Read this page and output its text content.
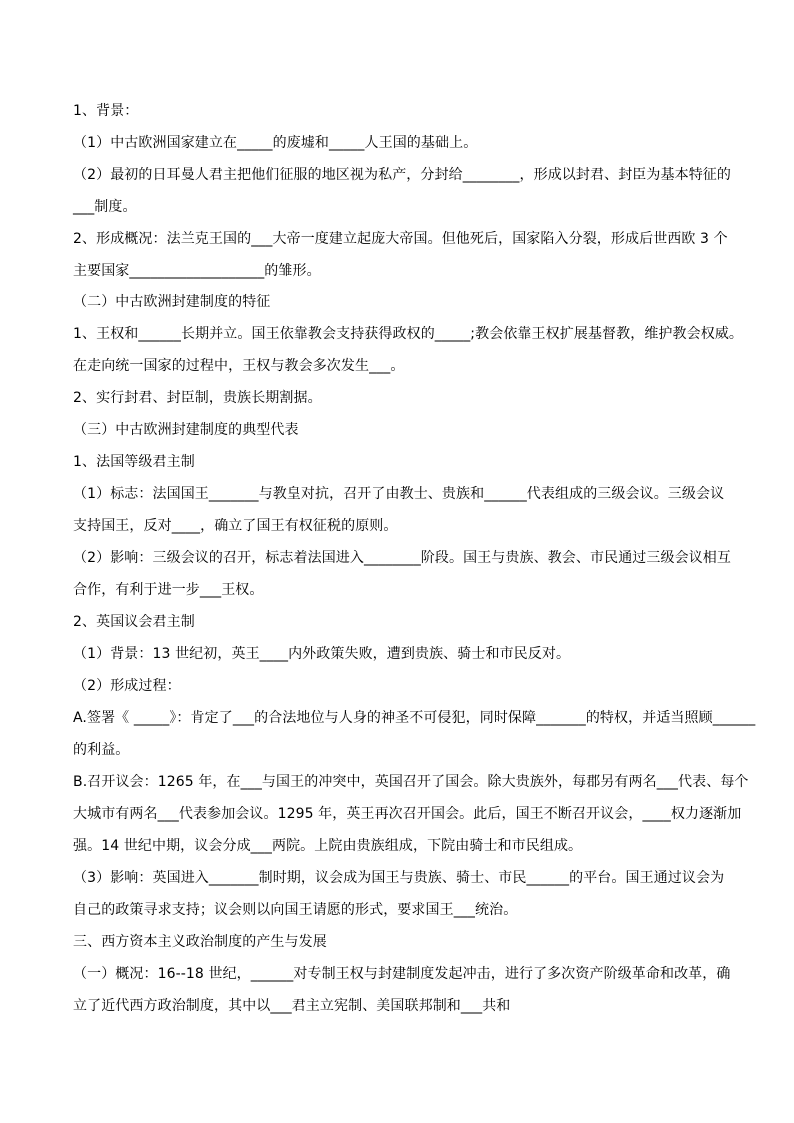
1、背景：
（1）中古欧洲国家建立在_____的废墟和_____人王国的基础上。
（2）最初的日耳曼人君主把他们征服的地区视为私产，分封给________，形成以封君、封臣为基本特征的
___制度。
2、形成概况：法兰克王国的___大帝一度建立起庞大帝国。但他死后，国家陷入分裂，形成后世西欧 3 个
主要国家___________________的雏形。
（二）中古欧洲封建制度的特征
1、王权和______长期并立。国王依靠教会支持获得政权的_____;教会依靠王权扩展基督教，维护教会权威。
在走向统一国家的过程中，王权与教会多次发生___。
2、实行封君、封臣制，贵族长期割据。
（三）中古欧洲封建制度的典型代表
1、法国等级君主制
（1）标志：法国国王_______与教皇对抗，召开了由教士、贵族和______代表组成的三级会议。三级会议
支持国王，反对____，确立了国王有权征税的原则。
（2）影响：三级会议的召开，标志着法国进入________阶段。国王与贵族、教会、市民通过三级会议相互
合作，有利于进一步___王权。
2、英国议会君主制
（1）背景：13 世纪初，英王____内外政策失败，遭到贵族、骑士和市民反对。
（2）形成过程：
A.签署《 _____》：肯定了___的合法地位与人身的神圣不可侵犯，同时保障_______的特权，并适当照顾______
的利益。
B.召开议会：1265 年，在___与国王的冲突中，英国召开了国会。除大贵族外，每郡另有两名___代表、每个
大城市有两名___代表参加会议。1295 年，英王再次召开国会。此后，国王不断召开议会，____权力逐渐加
强。14 世纪中期，议会分成___两院。上院由贵族组成，下院由骑士和市民组成。
（3）影响：英国进入_______制时期，议会成为国王与贵族、骑士、市民______的平台。国王通过议会为
自己的政策寻求支持；议会则以向国王请愿的形式，要求国王___统治。
三、西方资本主义政治制度的产生与发展
（一）概况：16--18 世纪，______对专制王权与封建制度发起冲击，进行了多次资产阶级革命和改革，确
立了近代西方政治制度，其中以___君主立宪制、美国联邦制和___共和
